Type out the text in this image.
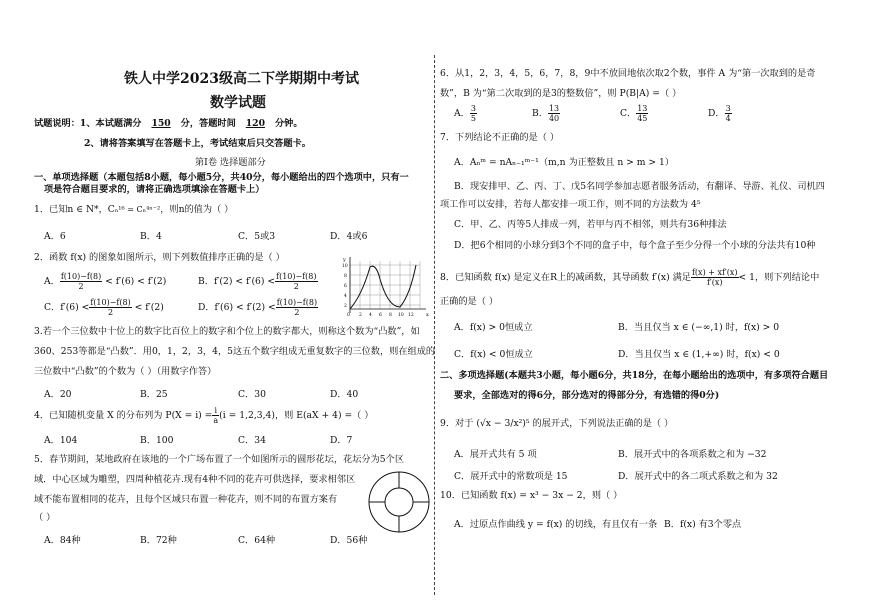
铁人中学2023级高二下学期期中考试
数学试题
试题说明：1、本试题满分 150 分，答题时间 120 分钟。
2、请将答案填写在答题卡上，考试结束后只交答题卡。
第Ⅰ卷 选择题部分
一、单项选择题（本题包括8小题，每小题5分，共40分，每小题给出的四个选项中，只有一
项是符合题目要求的，请将正确选项填涂在答题卡上）
1．已知n ∈ N*，Cₙ¹⁶ = Cₙ⁴ⁿ⁻²，则n的值为（ ）
A．6	B．4	C．5或3	D．4或6
2．函数 f(x) 的图象如图所示，则下列数值排序正确的是（ ）
A． $\frac{f(10)-f(8)}{2} < f'(6) < f'(2)$	B．$f'(2) < f'(6) < \frac{f(10)-f(8)}{2}$
C．$f'(6) < \frac{f(10)-f(8)}{2} < f'(2)$	D．$f'(6) < f'(2) < \frac{f(10)-f(8)}{2}$
y
x
10
8
6
4
2
0 2 4 6 8 10 12
3.若一个三位数中十位上的数字比百位上的数字和个位上的数字都大，则称这个数为“凸数”，如
360、253等都是“凸数”．用0，1，2，3，4，5这五个数字组成无重复数字的三位数，则在组成的
三位数中“凸数”的个数为（ ）（用数字作答）
A．20	B．25	C．30	D．40
4．已知随机变量 X 的分布列为 $P(X = i) = \frac{i}{a} (i = 1,2,3,4)$，则 E(aX + 4) =（ ）
A．104	B．100	C．34	D．7
5．春节期间，某地政府在该地的一个广场布置了一个如图所示的圆形花坛，花坛分为5个区
域．中心区域为雕塑，四周种植花卉.现有4种不同的花卉可供选择，要求相邻区
域不能布置相同的花卉，且每个区域只布置一种花卉，则不同的布置方案有
（ ）
A．84种	B．72种	C．64种	D．56种
6．从1，2，3，4，5，6，7，8，9中不放回地依次取2个数，事件 A 为“第一次取到的是奇
数”，B 为“第二次取到的是3的整数倍”，则 P(B|A) =（ ）
A． $\frac{3}{5}$	B． $\frac{13}{40}$	C． $\frac{13}{45}$	D． $\frac{3}{4}$
7．下列结论不正确的是（ ）
A．Aₙᵐ = nAₙ₋₁ᵐ⁻¹（m,n 为正整数且 n > m > 1）
B．现安排甲、乙、丙、丁、戊5名同学参加志愿者服务活动，有翻译、导游、礼仪、司机四
项工作可以安排，若每人都安排一项工作，则不同的方法数为 4⁵
C．甲、乙、丙等5人排成一列，若甲与丙不相邻，则共有36种排法
D．把6个相同的小球分到3个不同的盒子中，每个盒子至少分得一个小球的分法共有10种
8．已知函数 f(x) 是定义在R上的减函数，其导函数 f′(x) 满足 $\frac{f(x) + xf'(x)}{f'(x)} < 1$，则下列结论中
正确的是（ ）
A．f(x) > 0恒成立	B．当且仅当 x ∈ (−∞,1) 时，f(x) > 0
C．f(x) < 0恒成立	D．当且仅当 x ∈ (1,+∞) 时，f(x) < 0
二、多项选择题(本题共3小题，每小题6分，共18分，在每小题给出的选项中，有多项符合题目
要求，全部选对的得6分，部分选对的得部分分，有选错的得0分)
9．对于 (√x − 3/x²)⁵ 的展开式，下列说法正确的是（ ）
A．展开式共有 5 项	B．展开式中的各项系数之和为 −32
C．展开式中的常数项是 15	D．展开式中的各二项式系数之和为 32
10．已知函数 f(x) = x³ − 3x − 2，则（ ）
A．过原点作曲线 y = f(x) 的切线，有且仅有一条 B．f(x) 有3个零点
